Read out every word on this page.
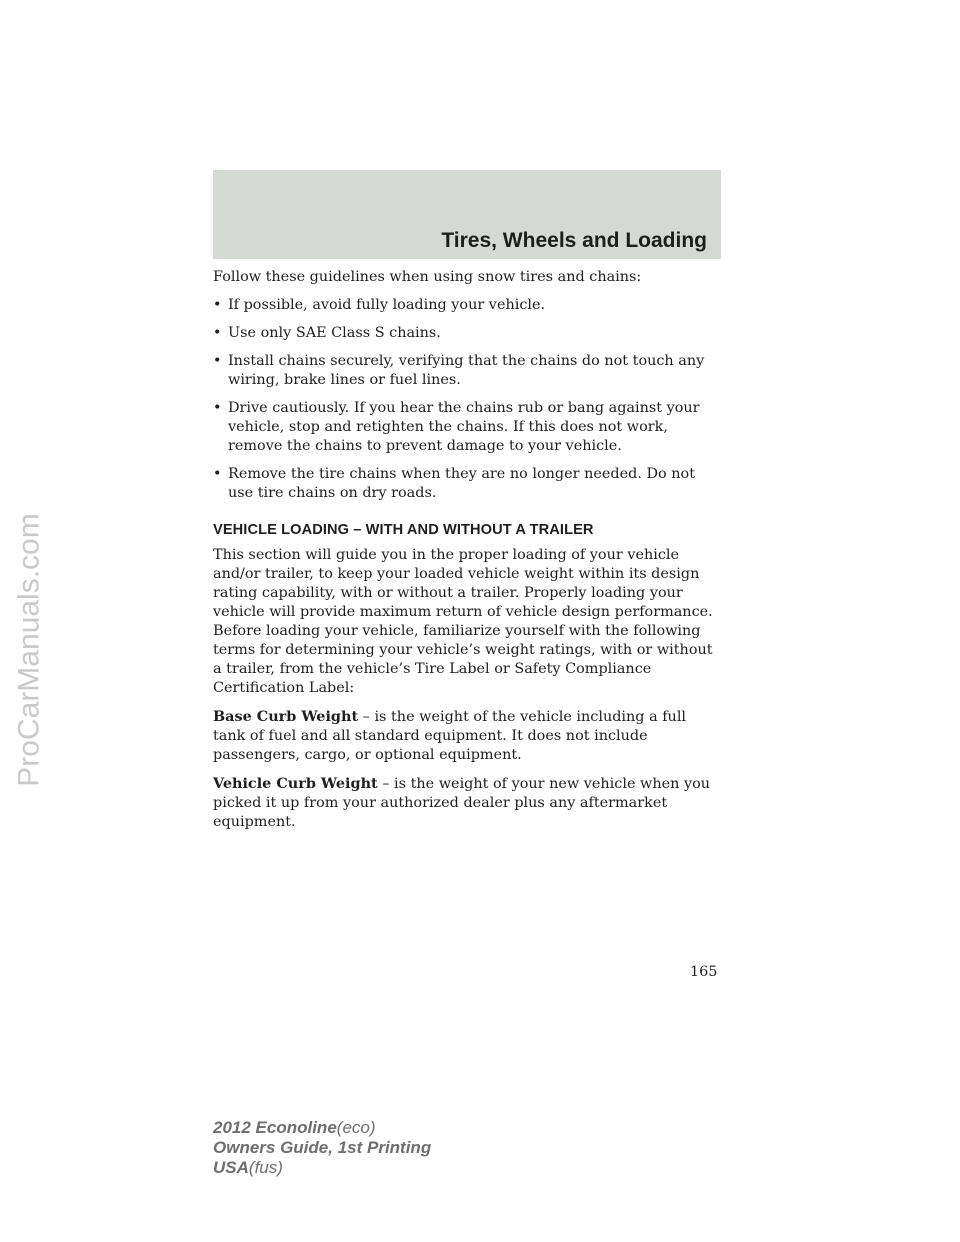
ProCarManuals.com
Tires, Wheels and Loading

Follow these guidelines when using snow tires and chains:

• If possible, avoid fully loading your vehicle.
• Use only SAE Class S chains.
• Install chains securely, verifying that the chains do not touch any wiring, brake lines or fuel lines.
• Drive cautiously. If you hear the chains rub or bang against your vehicle, stop and retighten the chains. If this does not work, remove the chains to prevent damage to your vehicle.
• Remove the tire chains when they are no longer needed. Do not use tire chains on dry roads.
VEHICLE LOADING – WITH AND WITHOUT A TRAILER

This section will guide you in the proper loading of your vehicle and/or trailer, to keep your loaded vehicle weight within its design rating capability, with or without a trailer. Properly loading your vehicle will provide maximum return of vehicle design performance. Before loading your vehicle, familiarize yourself with the following terms for determining your vehicle’s weight ratings, with or without a trailer, from the vehicle’s Tire Label or Safety Compliance Certification Label:

Base Curb Weight – is the weight of the vehicle including a full tank of fuel and all standard equipment. It does not include passengers, cargo, or optional equipment.

Vehicle Curb Weight – is the weight of your new vehicle when you picked it up from your authorized dealer plus any aftermarket equipment.

165
2012 Econoline(eco)
Owners Guide, 1st Printing
USA(fus)
